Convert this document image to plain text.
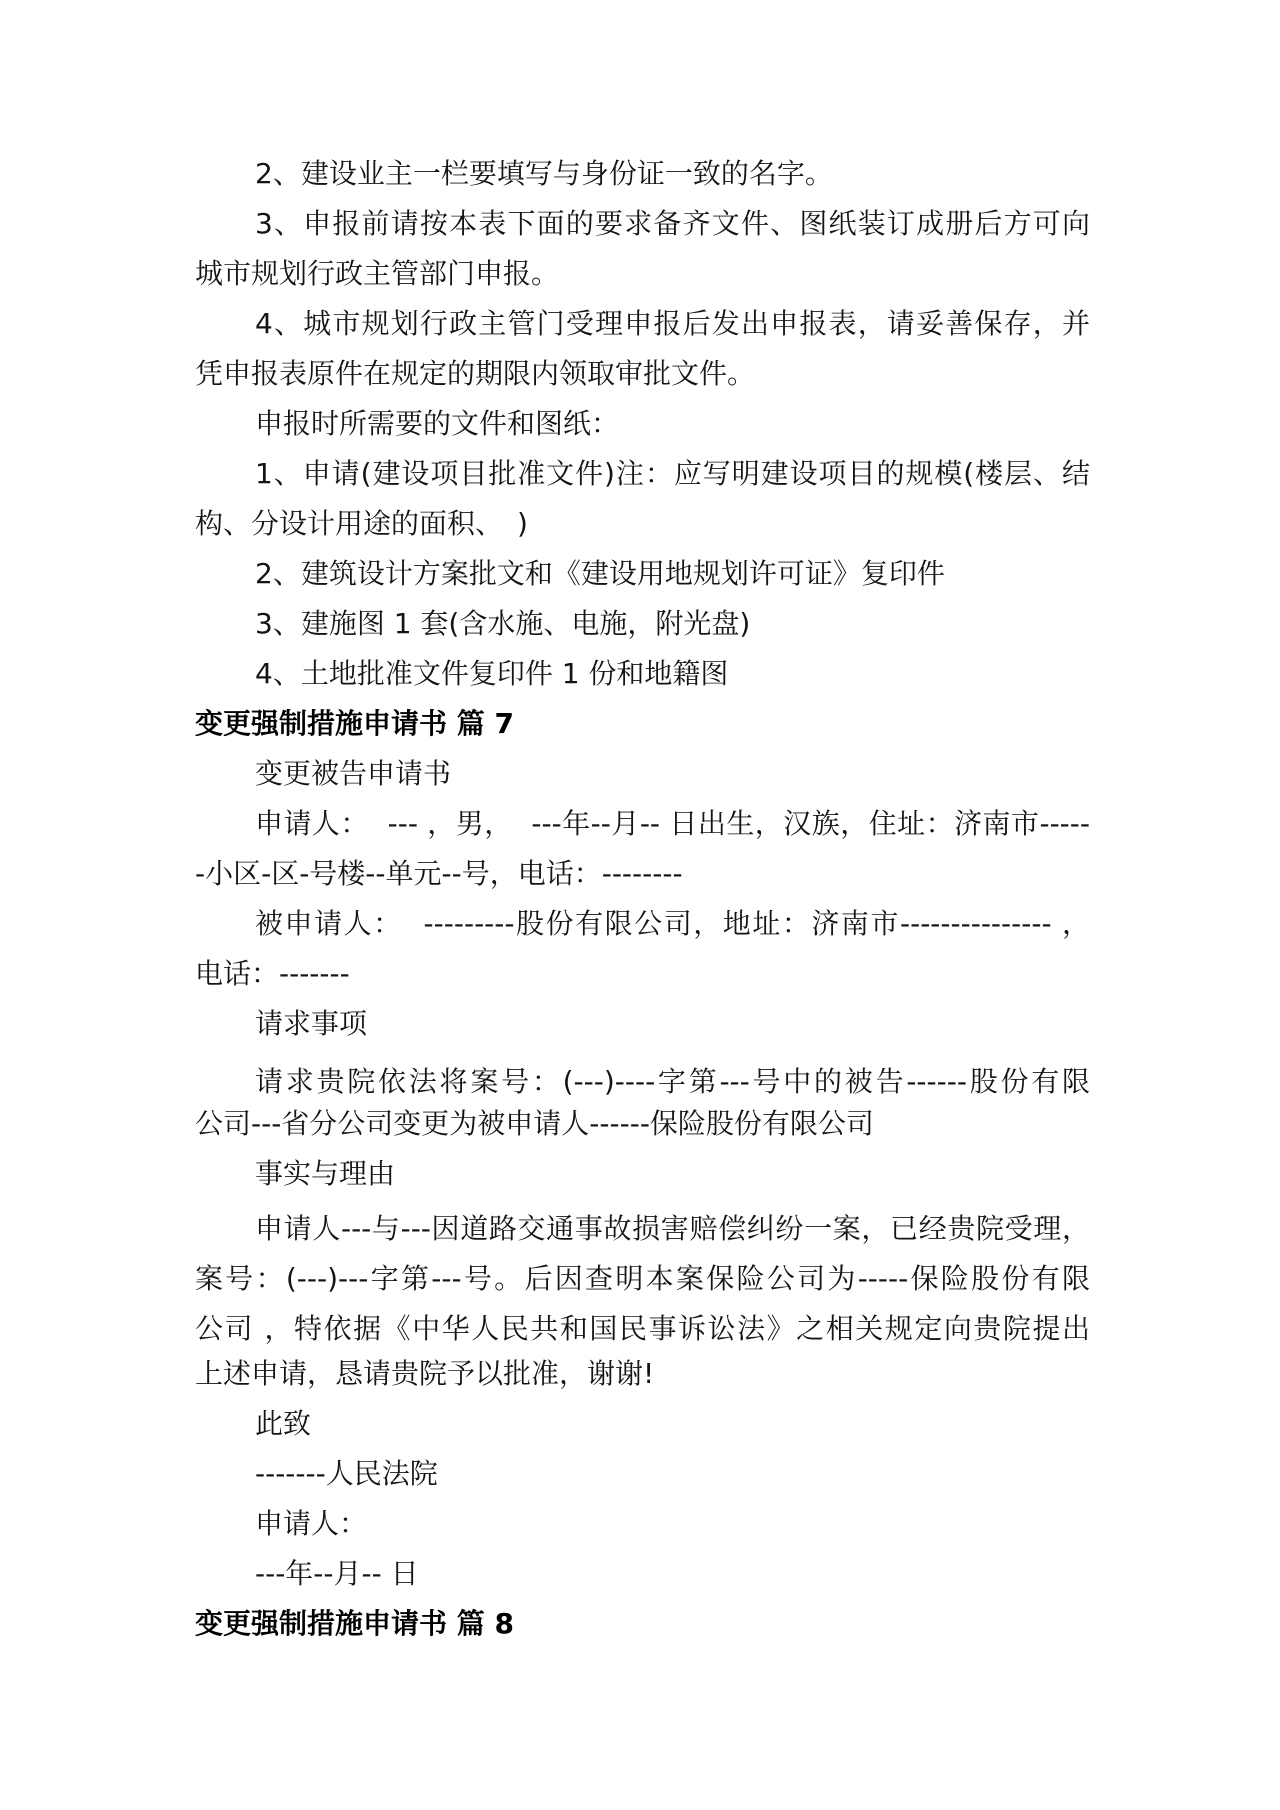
2、建设业主一栏要填写与身份证一致的名字。

3、申报前请按本表下面的要求备齐文件、图纸装订成册后方可向

城市规划行政主管部门申报。

4、城市规划行政主管门受理申报后发出申报表，请妥善保存，并

凭申报表原件在规定的期限内领取审批文件。

申报时所需要的文件和图纸：

1、申请(建设项目批准文件)注：应写明建设项目的规模(楼层、结

构、分设计用途的面积、　)

2、建筑设计方案批文和《建设用地规划许可证》复印件

3、建施图 1 套(含水施、电施，附光盘)

4、土地批准文件复印件 1 份和地籍图

变更强制措施申请书 篇 7

变更被告申请书

申请人：  --- ，男，  ---年--月-- 日出生，汉族，住址：济南市-----

-小区-区-号楼--单元--号，电话：--------

被申请人：  ---------股份有限公司，地址：济南市--------------- ，

电话：-------

请求事项

请求贵院依法将案号：(---)----字第---号中的被告------股份有限

公司---省分公司变更为被申请人------保险股份有限公司

事实与理由

申请人---与---因道路交通事故损害赔偿纠纷一案，已经贵院受理，

案号：(---)---字第---号。后因查明本案保险公司为-----保险股份有限

公司 ，特依据《中华人民共和国民事诉讼法》之相关规定向贵院提出

上述申请，恳请贵院予以批准，谢谢!

此致

-------人民法院

申请人：

---年--月-- 日

变更强制措施申请书 篇 8
